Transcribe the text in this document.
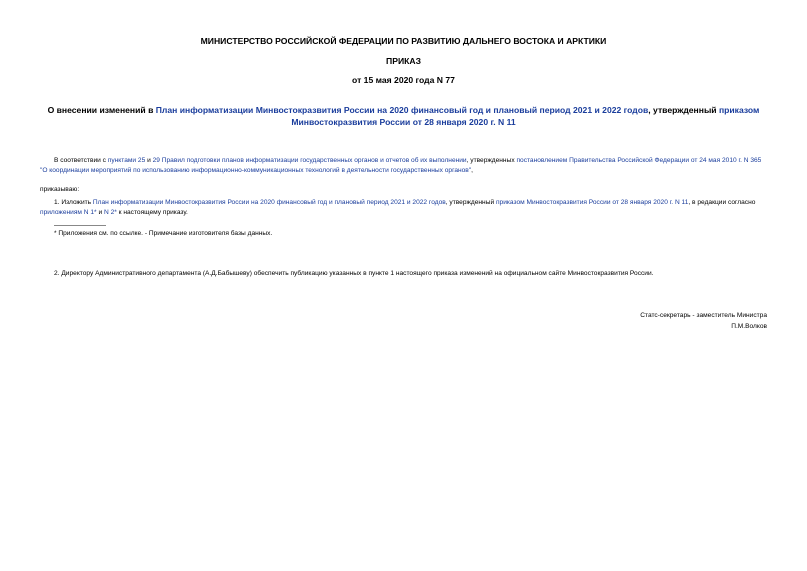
МИНИСТЕРСТВО РОССИЙСКОЙ ФЕДЕРАЦИИ ПО РАЗВИТИЮ ДАЛЬНЕГО ВОСТОКА И АРКТИКИ
ПРИКАЗ
от 15 мая 2020 года N 77
О внесении изменений в План информатизации Минвостокразвития России на 2020 финансовый год и плановый период 2021 и 2022 годов, утвержденный приказом Минвостокразвития России от 28 января 2020 г. N 11
В соответствии с пунктами 25 и 29 Правил подготовки планов информатизации государственных органов и отчетов об их выполнении, утвержденных постановлением Правительства Российской Федерации от 24 мая 2010 г. N 365 "О координации мероприятий по использованию информационно-коммуникационных технологий в деятельности государственных органов",
приказываю:
1. Изложить План информатизации Минвостокразвития России на 2020 финансовый год и плановый период 2021 и 2022 годов, утвержденный приказом Минвостокразвития России от 28 января 2020 г. N 11, в редакции согласно приложениям N 1* и N 2* к настоящему приказу.
* Приложения см. по ссылке. - Примечание изготовителя базы данных.
2. Директору Административного департамента (А.Д.Бабышеву) обеспечить публикацию указанных в пункте 1 настоящего приказа изменений на официальном сайте Минвостокразвития России.
Статс-секретарь - заместитель Министра
П.М.Волков
